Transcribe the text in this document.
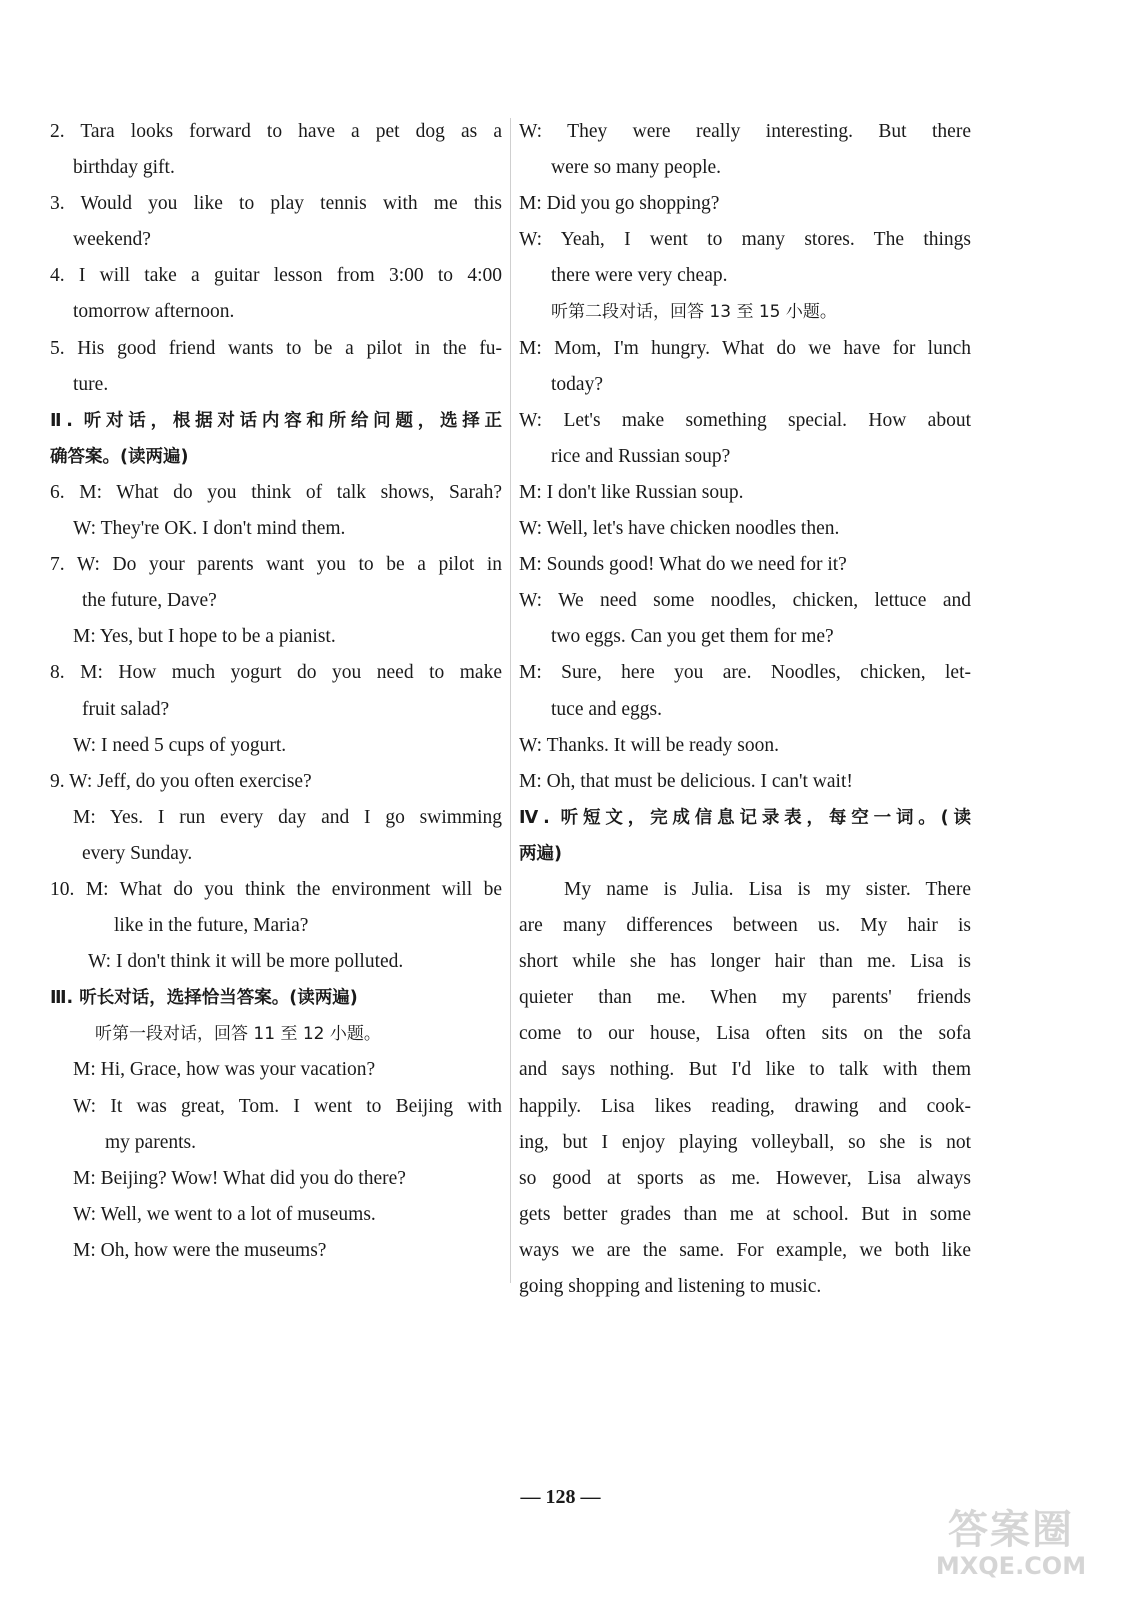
2. Tara looks forward to have a pet dog as a
birthday gift.
3. Would you like to play tennis with me this
weekend?
4. I will take a guitar lesson from 3:00 to 4:00
tomorrow afternoon.
5. His good friend wants to be a pilot in the fu-
ture.
Ⅱ. 听对话，根据对话内容和所给问题，选择正
确答案。(读两遍)
6. M: What do you think of talk shows, Sarah?
W: They're OK. I don't mind them.
7. W: Do your parents want you to be a pilot in
the future, Dave?
M: Yes, but I hope to be a pianist.
8. M: How much yogurt do you need to make
fruit salad?
W: I need 5 cups of yogurt.
9. W: Jeff, do you often exercise?
M: Yes. I run every day and I go swimming
every Sunday.
10. M: What do you think the environment will be
like in the future, Maria?
W: I don't think it will be more polluted.
Ⅲ. 听长对话，选择恰当答案。(读两遍)
听第一段对话，回答 11 至 12 小题。
M: Hi, Grace, how was your vacation?
W: It was great, Tom. I went to Beijing with
my parents.
M: Beijing? Wow! What did you do there?
W: Well, we went to a lot of museums.
M: Oh, how were the museums?
W: They were really interesting. But there
were so many people.
M: Did you go shopping?
W: Yeah, I went to many stores. The things
there were very cheap.
听第二段对话，回答 13 至 15 小题。
M: Mom, I'm hungry. What do we have for lunch
today?
W: Let's make something special. How about
rice and Russian soup?
M: I don't like Russian soup.
W: Well, let's have chicken noodles then.
M: Sounds good! What do we need for it?
W: We need some noodles, chicken, lettuce and
two eggs. Can you get them for me?
M: Sure, here you are. Noodles, chicken, let-
tuce and eggs.
W: Thanks. It will be ready soon.
M: Oh, that must be delicious. I can't wait!
Ⅳ. 听短文，完成信息记录表，每空一词。(读
两遍)
My name is Julia. Lisa is my sister. There
are many differences between us. My hair is
short while she has longer hair than me. Lisa is
quieter than me. When my parents' friends
come to our house, Lisa often sits on the sofa
and says nothing. But I'd like to talk with them
happily. Lisa likes reading, drawing and cook-
ing, but I enjoy playing volleyball, so she is not
so good at sports as me. However, Lisa always
gets better grades than me at school. But in some
ways we are the same. For example, we both like
going shopping and listening to music.
— 128 —
答案圈
MXQE.COM
